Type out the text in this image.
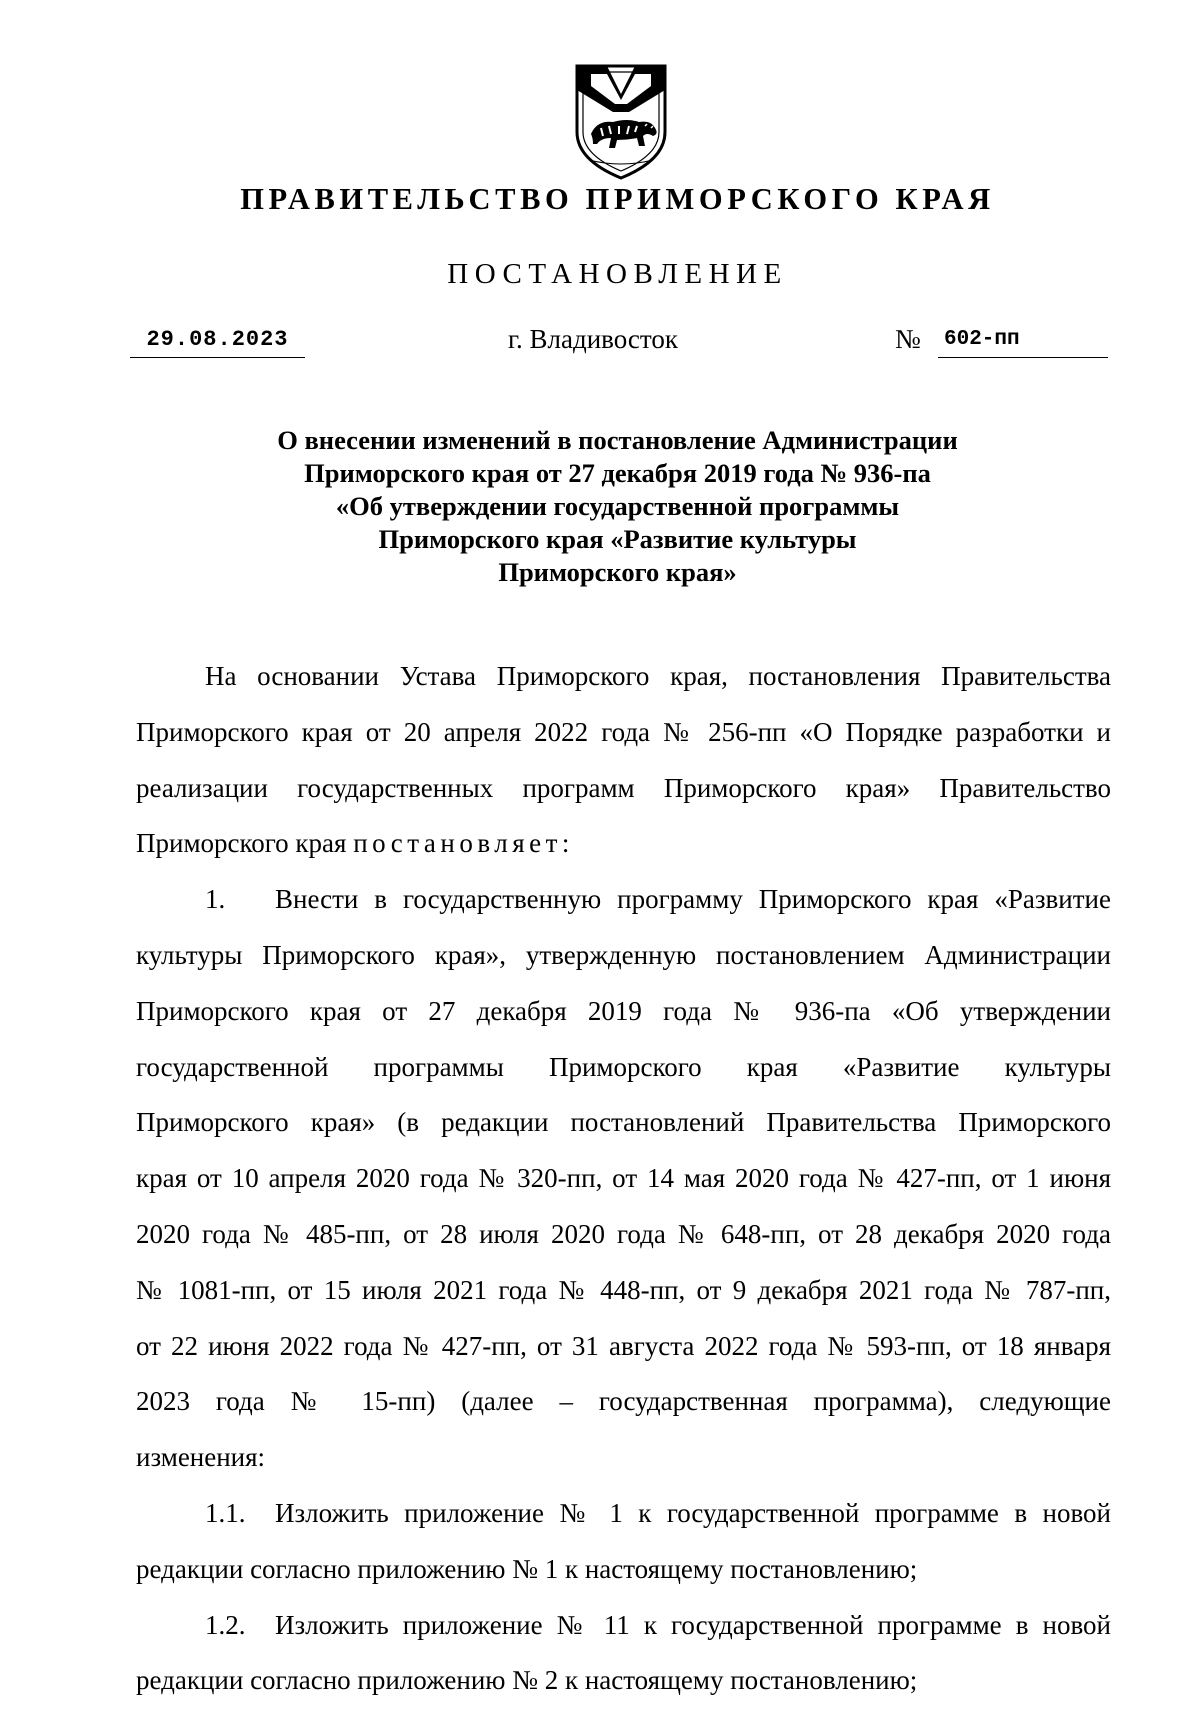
ПРАВИТЕЛЬСТВО ПРИМОРСКОГО КРАЯ
ПОСТАНОВЛЕНИЕ
29.08.2023	г. Владивосток	№ 602-пп
О внесении изменений в постановление Администрации
Приморского края от 27 декабря 2019 года № 936-па
«Об утверждении государственной программы
Приморского края «Развитие культуры
Приморского края»
На основании Устава Приморского края, постановления Правительства
Приморского края от 20 апреля 2022 года № 256-пп «О Порядке разработки и
реализации государственных программ Приморского края» Правительство
Приморского края постановляет:
1.	Внести в государственную программу Приморского края «Развитие
культуры Приморского края», утвержденную постановлением Администрации
Приморского края от 27 декабря 2019 года № 936-па «Об утверждении
государственной программы Приморского края «Развитие культуры
Приморского края» (в редакции постановлений Правительства Приморского
края от 10 апреля 2020 года № 320-пп, от 14 мая 2020 года № 427-пп, от 1 июня
2020 года № 485-пп, от 28 июля 2020 года № 648-пп, от 28 декабря 2020 года
№ 1081-пп, от 15 июля 2021 года № 448-пп, от 9 декабря 2021 года № 787-пп,
от 22 июня 2022 года № 427-пп, от 31 августа 2022 года № 593-пп, от 18 января
2023 года № 15-пп) (далее – государственная программа), следующие
изменения:
1.1.	Изложить приложение № 1 к государственной программе в новой
редакции согласно приложению № 1 к настоящему постановлению;
1.2.	Изложить приложение № 11 к государственной программе в новой
редакции согласно приложению № 2 к настоящему постановлению;
